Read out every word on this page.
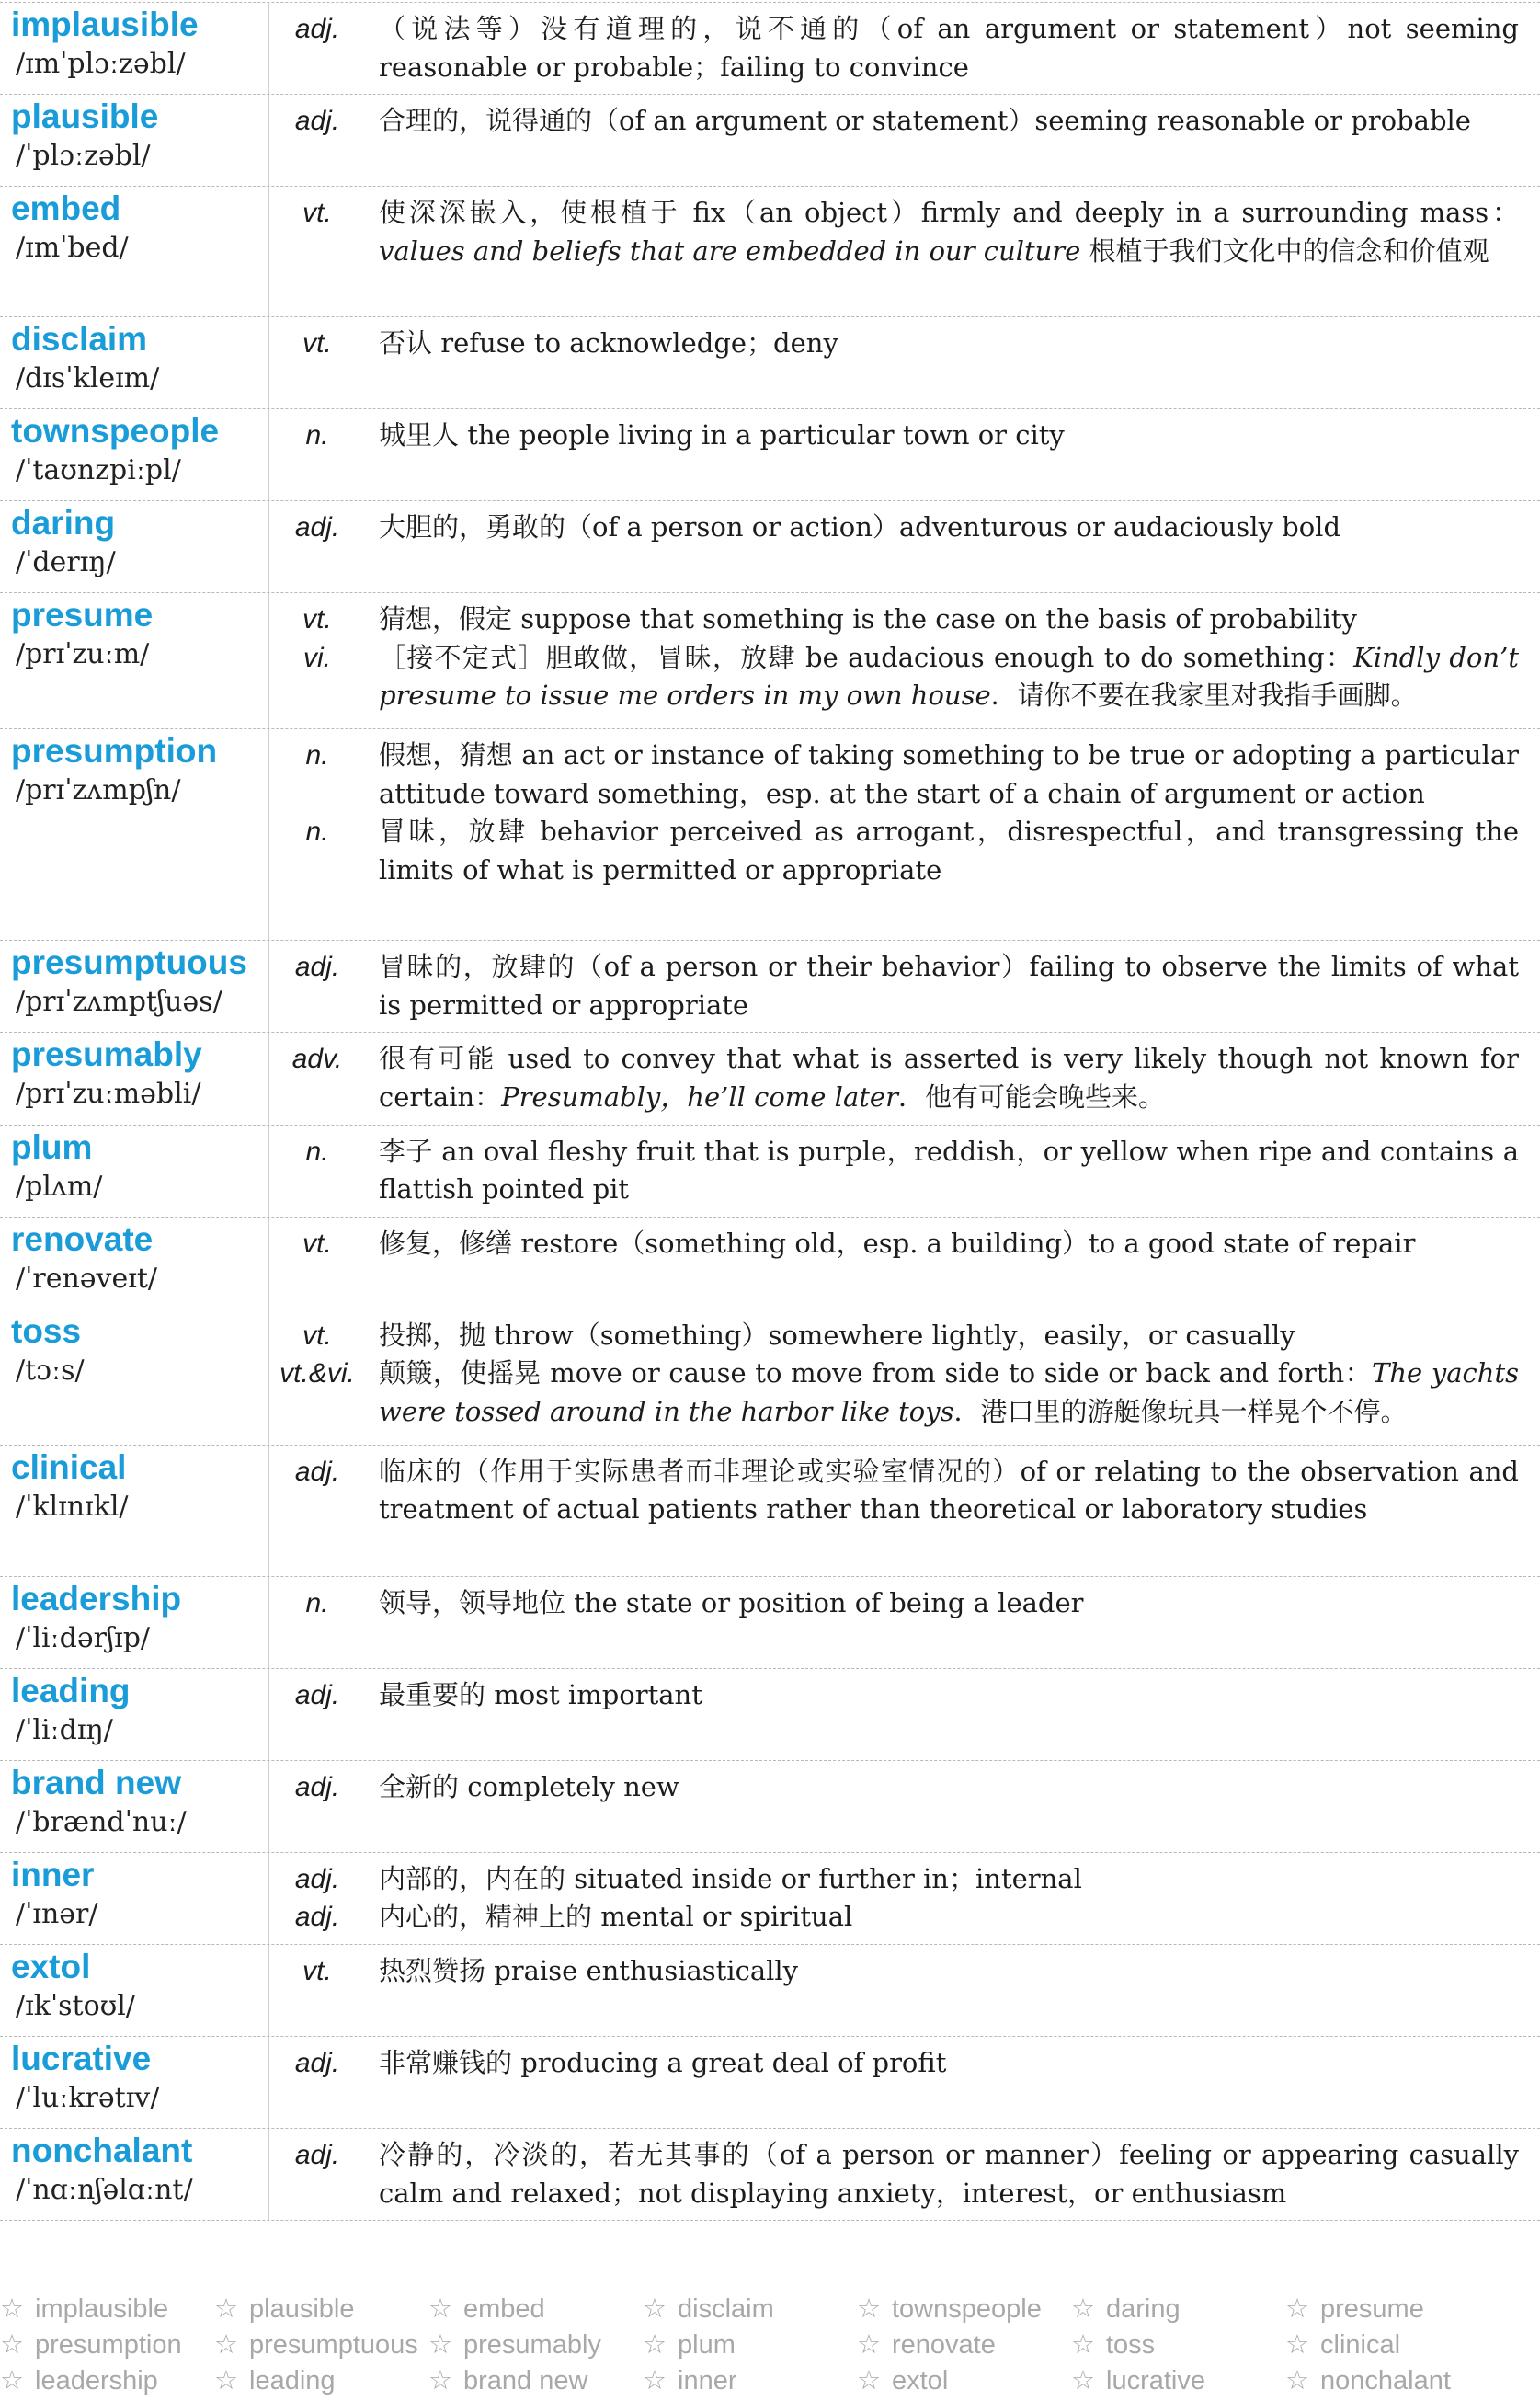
implausible
/ɪmˈplɔːzəbl/
adj.	（说法等）没有道理的，说不通的（of an argument or statement）not seeming reasonable or probable；failing to convince
plausible
/ˈplɔːzəbl/
adj.	合理的，说得通的（of an argument or statement）seeming reasonable or probable
embed
/ɪmˈbed/
vt.	使深深嵌入，使根植于 fix（an object）firmly and deeply in a surrounding mass：values and beliefs that are embedded in our culture 根植于我们文化中的信念和价值观
disclaim
/dɪsˈkleɪm/
vt.	否认 refuse to acknowledge；deny
townspeople
/ˈtaʊnzpiːpl/
n.	城里人 the people living in a particular town or city
daring
/ˈderɪŋ/
adj.	大胆的，勇敢的（of a person or action）adventurous or audaciously bold
presume
/prɪˈzuːm/
vt.	猜想，假定 suppose that something is the case on the basis of probability
vi.	［接不定式］胆敢做，冒昧，放肆 be audacious enough to do something：Kindly don’t presume to issue me orders in my own house．请你不要在我家里对我指手画脚。
presumption
/prɪˈzʌmpʃn/
n.	假想，猜想 an act or instance of taking something to be true or adopting a particular attitude toward something，esp. at the start of a chain of argument or action
n.	冒昧，放肆 behavior perceived as arrogant，disrespectful，and transgressing the limits of what is permitted or appropriate
presumptuous
/prɪˈzʌmptʃuəs/
adj.	冒昧的，放肆的（of a person or their behavior）failing to observe the limits of what is permitted or appropriate
presumably
/prɪˈzuːməbli/
adv.	很有可能 used to convey that what is asserted is very likely though not known for certain：Presumably，he’ll come later．他有可能会晚些来。
plum
/plʌm/
n.	李子 an oval fleshy fruit that is purple，reddish，or yellow when ripe and contains a flattish pointed pit
renovate
/ˈrenəveɪt/
vt.	修复，修缮 restore（something old，esp. a building）to a good state of repair
toss
/tɔːs/
vt.	投掷，抛 throw（something）somewhere lightly，easily，or casually
vt.&vi. 颠簸，使摇晃 move or cause to move from side to side or back and forth：The yachts were tossed around in the harbor like toys．港口里的游艇像玩具一样晃个不停。
clinical
/ˈklɪnɪkl/
adj.	临床的（作用于实际患者而非理论或实验室情况的）of or relating to the observation and treatment of actual patients rather than theoretical or laboratory studies
leadership
/ˈliːdərʃɪp/
n.	领导，领导地位 the state or position of being a leader
leading
/ˈliːdɪŋ/
adj.	最重要的 most important
brand new
/ˈbrændˈnuː/
adj.	全新的 completely new
inner
/ˈɪnər/
adj.	内部的，内在的 situated inside or further in；internal
adj.	内心的，精神上的 mental or spiritual
extol
/ɪkˈstoʊl/
vt.	热烈赞扬 praise enthusiastically
lucrative
/ˈluːkrətɪv/
adj.	非常赚钱的 producing a great deal of profit
nonchalant
/ˈnɑːnʃəlɑːnt/
adj.	冷静的，冷淡的，若无其事的（of a person or manner）feeling or appearing casually calm and relaxed；not displaying anxiety，interest，or enthusiasm
☆ implausible	☆ plausible	☆ embed	☆ disclaim	☆ townspeople	☆ daring	☆ presume
☆ presumption	☆ presumptuous ☆ presumably	☆ plum	☆ renovate	☆ toss	☆ clinical
☆ leadership	☆ leading	☆ brand new	☆ inner	☆ extol	☆ lucrative	☆ nonchalant
